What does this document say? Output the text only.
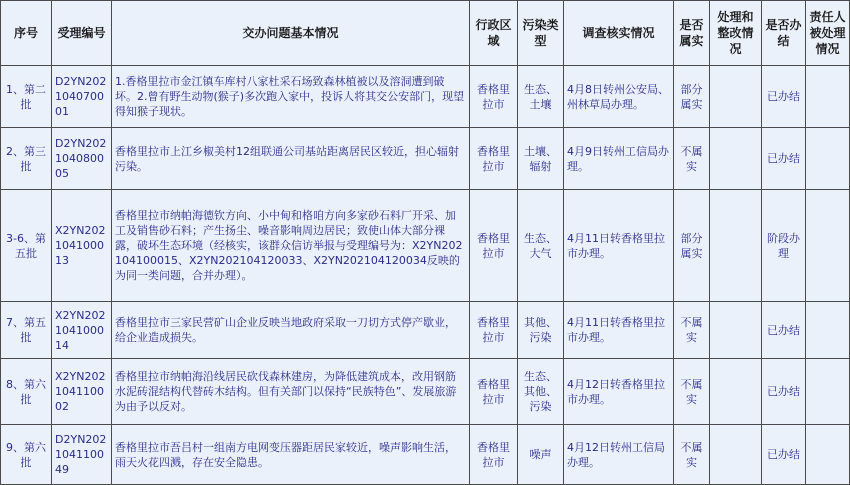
序号	受理编号	交办问题基本情况	行政区域	污染类型	调查核实情况	是否属实	处理和整改情况	是否办结	责任人被处理情况
1、第二批	D2YN202104070001	1.香格里拉市金江镇车库村八家杜采石场致森林植被以及溶洞遭到破坏。2.曾有野生动物(猴子)多次跑入家中，投诉人将其交公安部门，现望得知猴子现状。	香格里拉市	生态、土壤	4月8日转州公安局、州林草局办理。	部分属实		已办结	
2、第三批	D2YN202104080005	香格里拉市上江乡椒美村12组联通公司基站距离居民区较近，担心辐射污染。	香格里拉市	土壤、辐射	4月9日转州工信局办理。	不属实		已办结	
3-6、第五批	X2YN202104100013	香格里拉市纳帕海德钦方向、小中甸和格咱方向多家砂石料厂开采、加工及销售砂石料；产生扬尘、噪音影响周边居民；致使山体大部分裸露，破坏生态环境（经核实，该群众信访举报与受理编号为：X2YN202104100015、X2YN202104120033、X2YN202104120034反映的为同一类问题，合并办理）。	香格里拉市	生态、大气	4月11日转香格里拉市办理。	部分属实		阶段办理	
7、第五批	X2YN202104100014	香格里拉市三家民营矿山企业反映当地政府采取一刀切方式停产歇业，给企业造成损失。	香格里拉市	其他、污染	4月11日转香格里拉市办理。	不属实		已办结	
8、第六批	X2YN202104110002	香格里拉市纳帕海沿线居民砍伐森林建房，为降低建筑成本，改用钢筋水泥砖混结构代替砖木结构。但有关部门以保持“民族特色”、发展旅游为由予以反对。	香格里拉市	生态、其他、污染	4月12日转香格里拉市办理。	不属实		已办结	
9、第六批	D2YN202104110049	香格里拉市吾吕村一组南方电网变压器距居民家较近，噪声影响生活，雨天火花四溅，存在安全隐患。	香格里拉市	噪声	4月12日转州工信局办理。	不属实		已办结	
